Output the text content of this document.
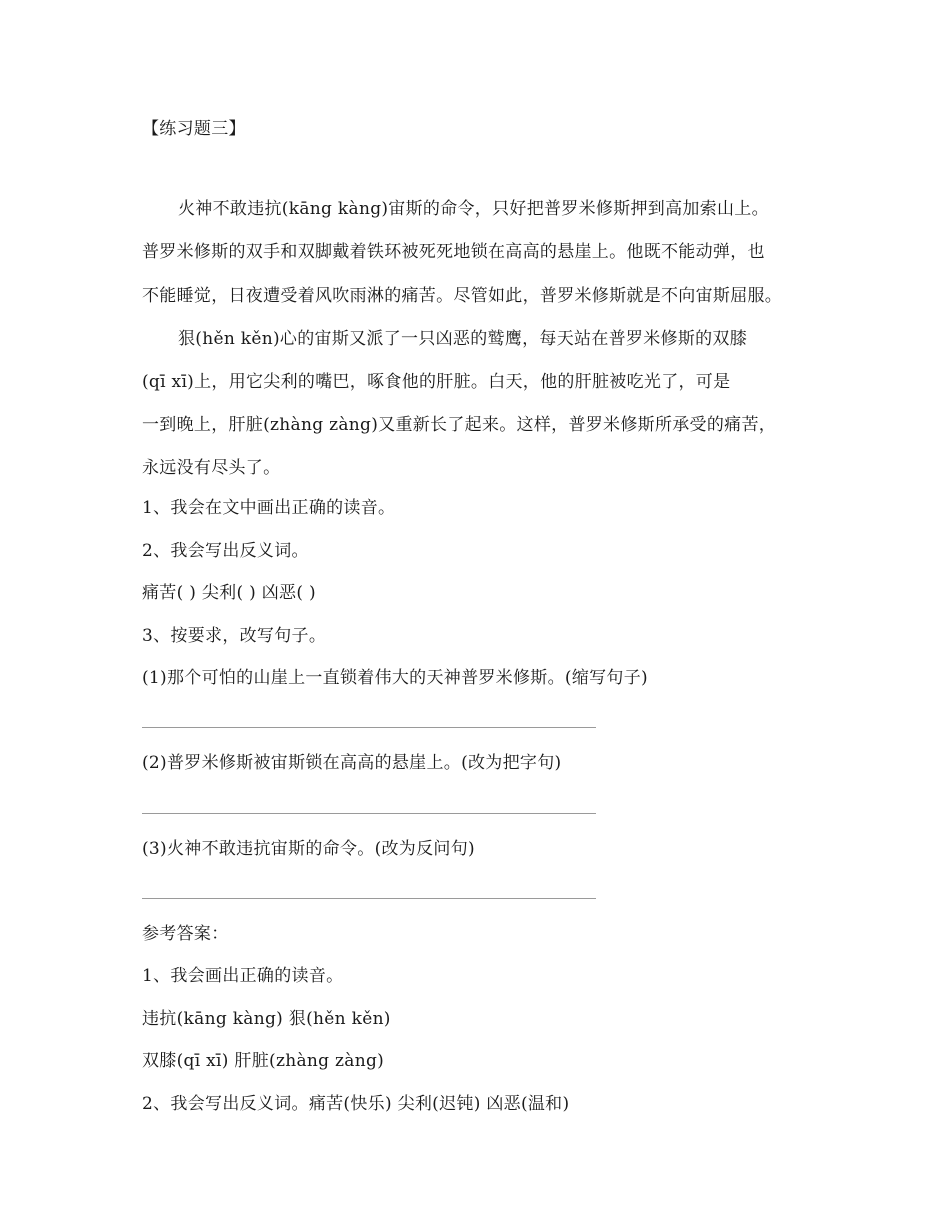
【练习题三】
火神不敢违抗(kāng kàng)宙斯的命令，只好把普罗米修斯押到高加索山上。
普罗米修斯的双手和双脚戴着铁环被死死地锁在高高的悬崖上。他既不能动弹，也
不能睡觉，日夜遭受着风吹雨淋的痛苦。尽管如此，普罗米修斯就是不向宙斯屈服。
狠(hěn kěn)心的宙斯又派了一只凶恶的鹫鹰，每天站在普罗米修斯的双膝
(qī xī)上，用它尖利的嘴巴，啄食他的肝脏。白天，他的肝脏被吃光了，可是
一到晚上，肝脏(zhàng zàng)又重新长了起来。这样，普罗米修斯所承受的痛苦，
永远没有尽头了。
1、我会在文中画出正确的读音。
2、我会写出反义词。
痛苦( ) 尖利( ) 凶恶( )
3、按要求，改写句子。
(1)那个可怕的山崖上一直锁着伟大的天神普罗米修斯。(缩写句子)
(2)普罗米修斯被宙斯锁在高高的悬崖上。(改为把字句)
(3)火神不敢违抗宙斯的命令。(改为反问句)
参考答案：
1、我会画出正确的读音。
违抗(kāng kàng) 狠(hěn kěn)
双膝(qī xī) 肝脏(zhàng zàng)
2、我会写出反义词。痛苦(快乐) 尖利(迟钝) 凶恶(温和)
